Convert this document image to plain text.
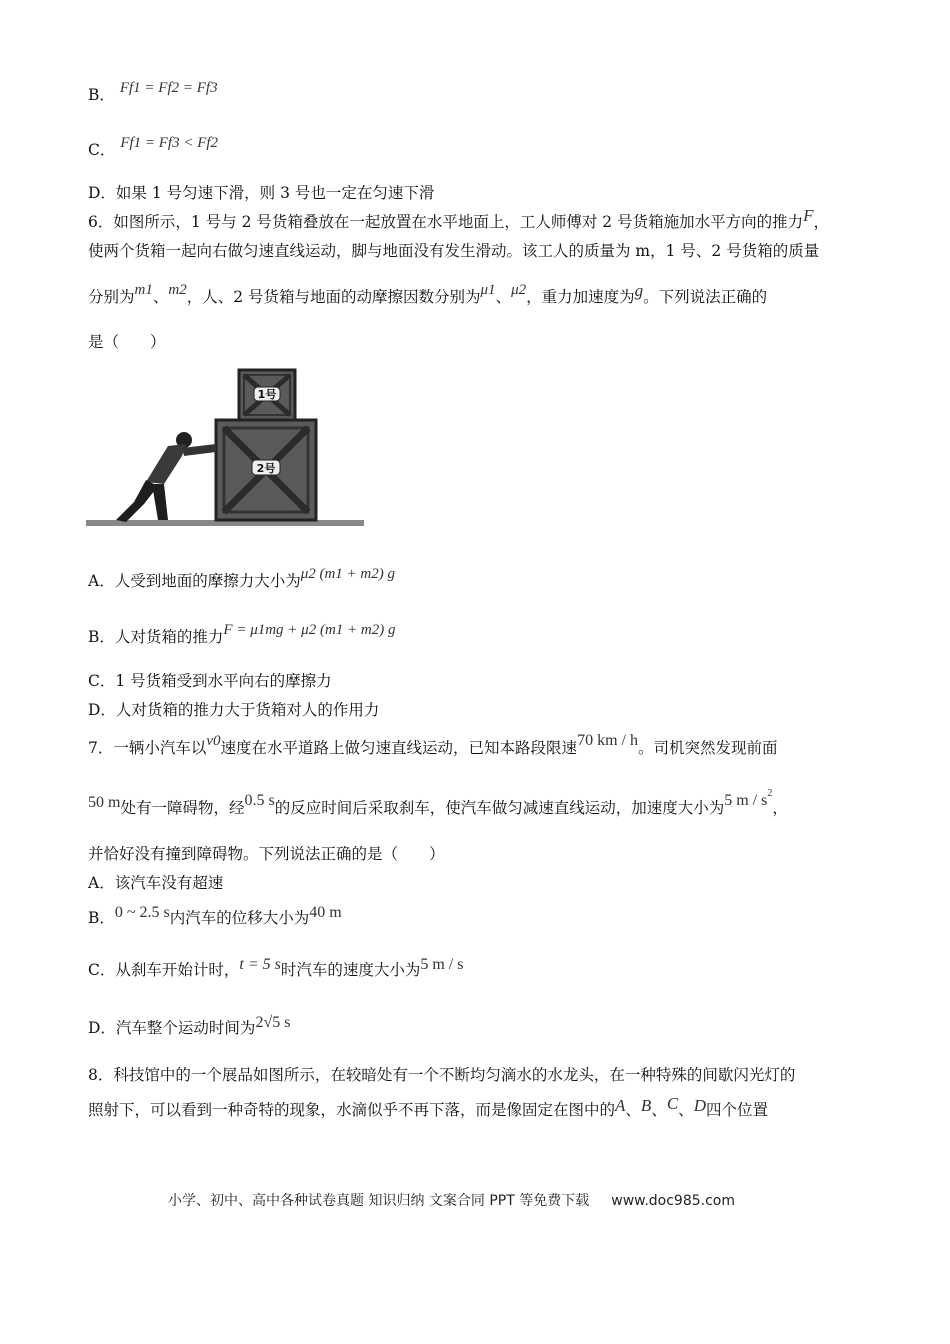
B． Ff1 = Ff2 = Ff3
C． Ff1 = Ff3 < Ff2
D．如果 1 号匀速下滑，则 3 号也一定在匀速下滑
6．如图所示，1 号与 2 号货箱叠放在一起放置在水平地面上，工人师傅对 2 号货箱施加水平方向的推力F，
使两个货箱一起向右做匀速直线运动，脚与地面没有发生滑动。该工人的质量为 m，1 号、2 号货箱的质量
分别为m1、m2，人、2 号货箱与地面的动摩擦因数分别为μ1、μ2，重力加速度为g。下列说法正确的
是（　　）
2号
1号
A．人受到地面的摩擦力大小为μ2 (m1 + m2) g
B．人对货箱的推力F = μ1mg + μ2 (m1 + m2) g
C．1 号货箱受到水平向右的摩擦力
D．人对货箱的推力大于货箱对人的作用力
7．一辆小汽车以v0速度在水平道路上做匀速直线运动，已知本路段限速70 km / h。司机突然发现前面
50 m处有一障碍物，经0.5 s的反应时间后采取刹车，使汽车做匀减速直线运动，加速度大小为5 m / $s^2$，
并恰好没有撞到障碍物。下列说法正确的是（　　）
A．该汽车没有超速
B．0 ~ 2.5 s内汽车的位移大小为40 m
C．从刹车开始计时，t = 5 s时汽车的速度大小为5 m / s
D．汽车整个运动时间为2√5 s
8．科技馆中的一个展品如图所示，在较暗处有一个不断均匀滴水的水龙头，在一种特殊的间歇闪光灯的
照射下，可以看到一种奇特的现象，水滴似乎不再下落，而是像固定在图中的A、B、C、D四个位置
小学、初中、高中各种试卷真题 知识归纳 文案合同 PPT 等免费下载 www.doc985.com
